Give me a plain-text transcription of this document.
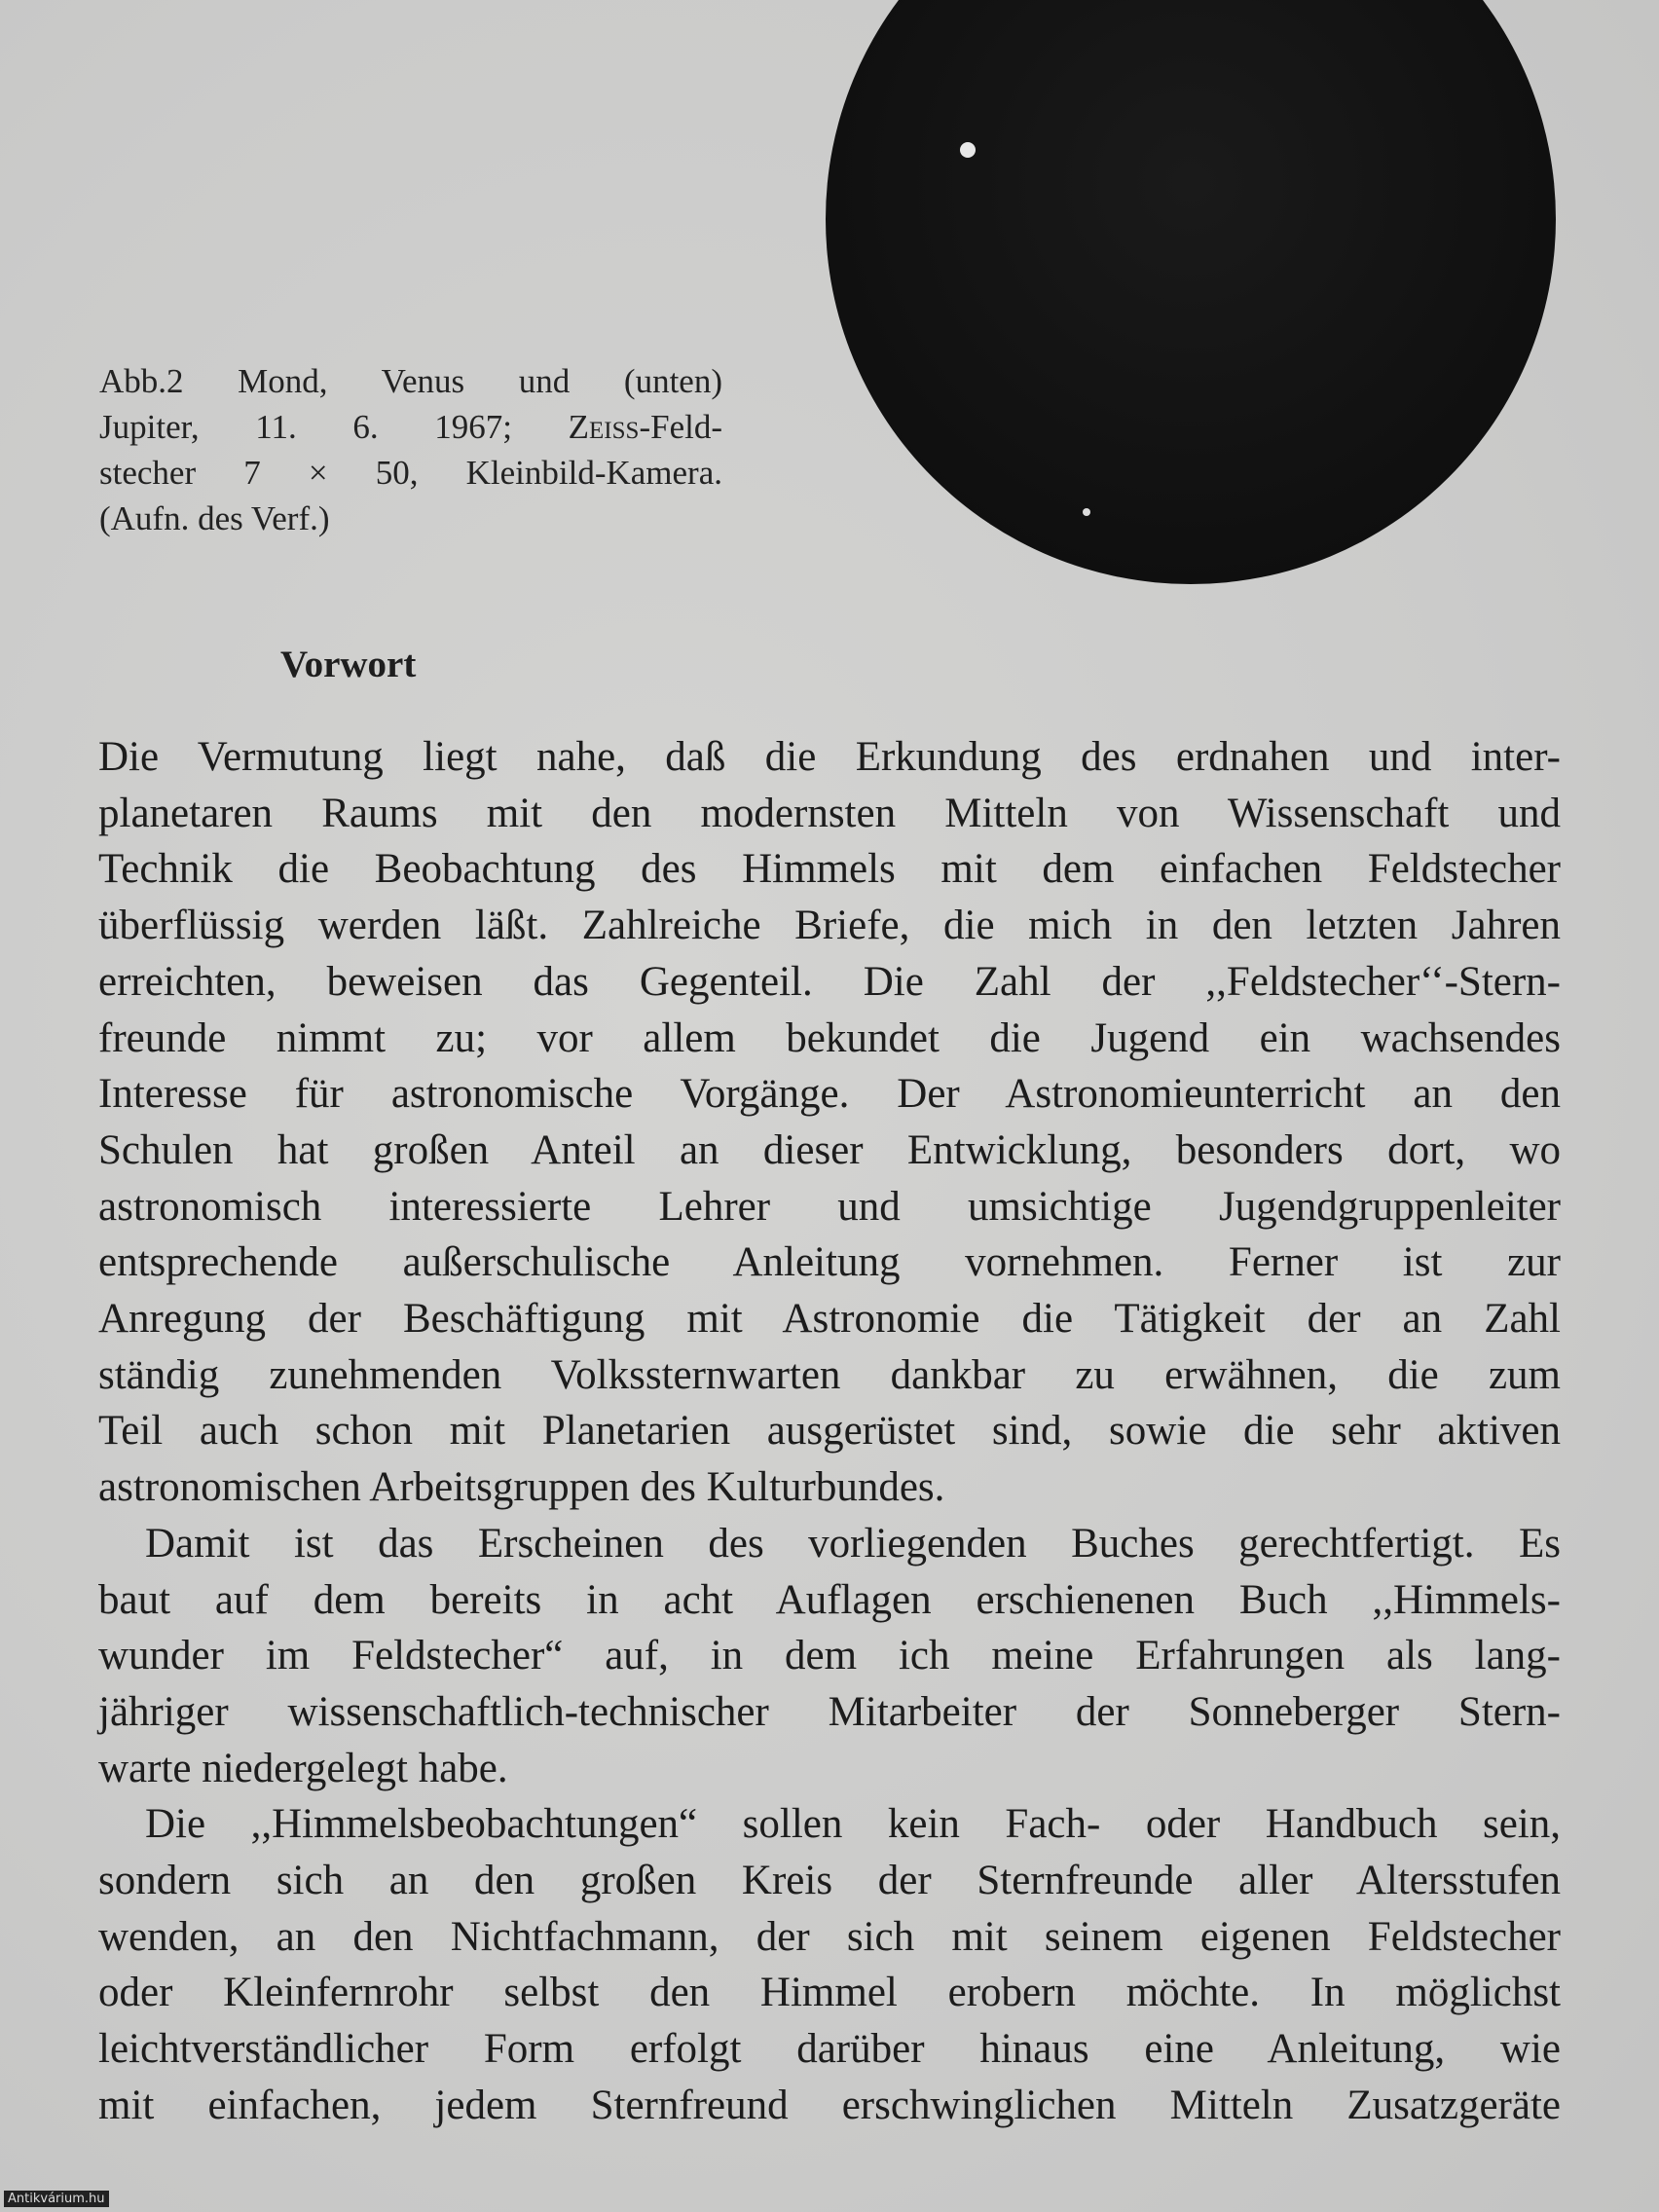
Abb.2 Mond, Venus und (unten)
Jupiter, 11. 6. 1967; Zeiss-Feld-
stecher 7 × 50, Kleinbild-Kamera.
(Aufn. des Verf.)
Vorwort
Die Vermutung liegt nahe, daß die Erkundung des erdnahen und inter-
planetaren Raums mit den modernsten Mitteln von Wissenschaft und
Technik die Beobachtung des Himmels mit dem einfachen Feldstecher
überflüssig werden läßt. Zahlreiche Briefe, die mich in den letzten Jahren
erreichten, beweisen das Gegenteil. Die Zahl der ,,Feldstecher‘‘-Stern-
freunde nimmt zu; vor allem bekundet die Jugend ein wachsendes
Interesse für astronomische Vorgänge. Der Astronomieunterricht an den
Schulen hat großen Anteil an dieser Entwicklung, besonders dort, wo
astronomisch interessierte Lehrer und umsichtige Jugendgruppenleiter
entsprechende außerschulische Anleitung vornehmen. Ferner ist zur
Anregung der Beschäftigung mit Astronomie die Tätigkeit der an Zahl
ständig zunehmenden Volkssternwarten dankbar zu erwähnen, die zum
Teil auch schon mit Planetarien ausgerüstet sind, sowie die sehr aktiven
astronomischen Arbeitsgruppen des Kulturbundes.
Damit ist das Erscheinen des vorliegenden Buches gerechtfertigt. Es
baut auf dem bereits in acht Auflagen erschienenen Buch ,,Himmels-
wunder im Feldstecher“ auf, in dem ich meine Erfahrungen als lang-
jähriger wissenschaftlich-technischer Mitarbeiter der Sonneberger Stern-
warte niedergelegt habe.
Die ,,Himmelsbeobachtungen“ sollen kein Fach- oder Handbuch sein,
sondern sich an den großen Kreis der Sternfreunde aller Altersstufen
wenden, an den Nichtfachmann, der sich mit seinem eigenen Feldstecher
oder Kleinfernrohr selbst den Himmel erobern möchte. In möglichst
leichtverständlicher Form erfolgt darüber hinaus eine Anleitung, wie
mit einfachen, jedem Sternfreund erschwinglichen Mitteln Zusatzgeräte
Antikvárium.hu
